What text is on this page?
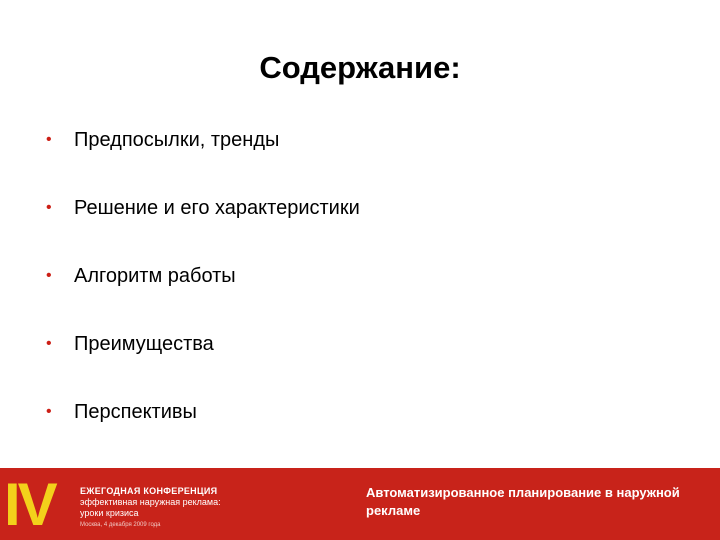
Содержание:
•	Предпосылки, тренды
•	Решение и его характеристики
•	Алгоритм работы
•	Преимущества
•	Перспективы
IV	ЕЖЕГОДНАЯ КОНФЕРЕНЦИЯ
эффективная наружная реклама:
уроки кризиса
Москва, 4 декабря 2009 года
Автоматизированное планирование в наружной рекламе
